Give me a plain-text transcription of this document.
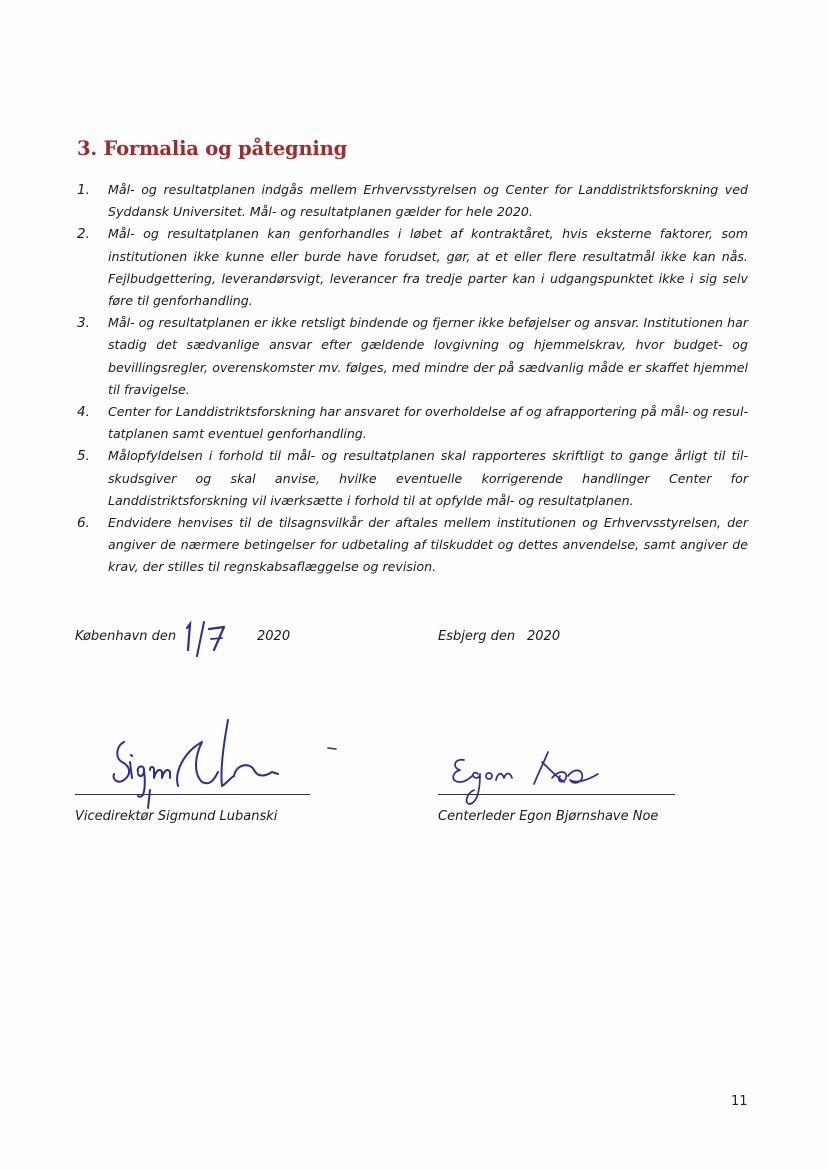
3. Formalia og påtegning
1. Mål- og resultatplanen indgås mellem Erhvervsstyrelsen og Center for Landdistriktsforskning ved Syddansk Universitet. Mål- og resultatplanen gælder for hele 2020.
2. Mål- og resultatplanen kan genforhandles i løbet af kontraktåret, hvis eksterne faktorer, som institutionen ikke kunne eller burde have forudset, gør, at et eller flere resultatmål ikke kan nås. Fejlbudgettering, leverandørsvigt, leverancer fra tredje parter kan i udgangspunktet ikke i sig selv føre til genforhandling.
3. Mål- og resultatplanen er ikke retsligt bindende og fjerner ikke beføjelser og ansvar. Institutionen har stadig det sædvanlige ansvar efter gældende lovgivning og hjemmelskrav, hvor budget- og bevillingsregler, overenskomster mv. følges, med mindre der på sædvanlig måde er skaffet hjemmel til fravigelse.
4. Center for Landdistriktsforskning har ansvaret for overholdelse af og afrapportering på mål- og resultatplanen samt eventuel genforhandling.
5. Målopfyldelsen i forhold til mål- og resultatplanen skal rapporteres skriftligt to gange årligt til tilskudsgiver og skal anvise, hvilke eventuelle korrigerende handlinger Center for Landdistriktsforskning vil iværksætte i forhold til at opfylde mål- og resultatplanen.
6. Endvidere henvises til de tilsagnsvilkår der aftales mellem institutionen og Erhvervsstyrelsen, der angiver de nærmere betingelser for udbetaling af tilskuddet og dettes anvendelse, samt angiver de krav, der stilles til regnskabsaflæggelse og revision.
København den	2020	Esbjerg den 2020
Vicedirektør Sigmund Lubanski	Centerleder Egon Bjørnshave Noe
11
